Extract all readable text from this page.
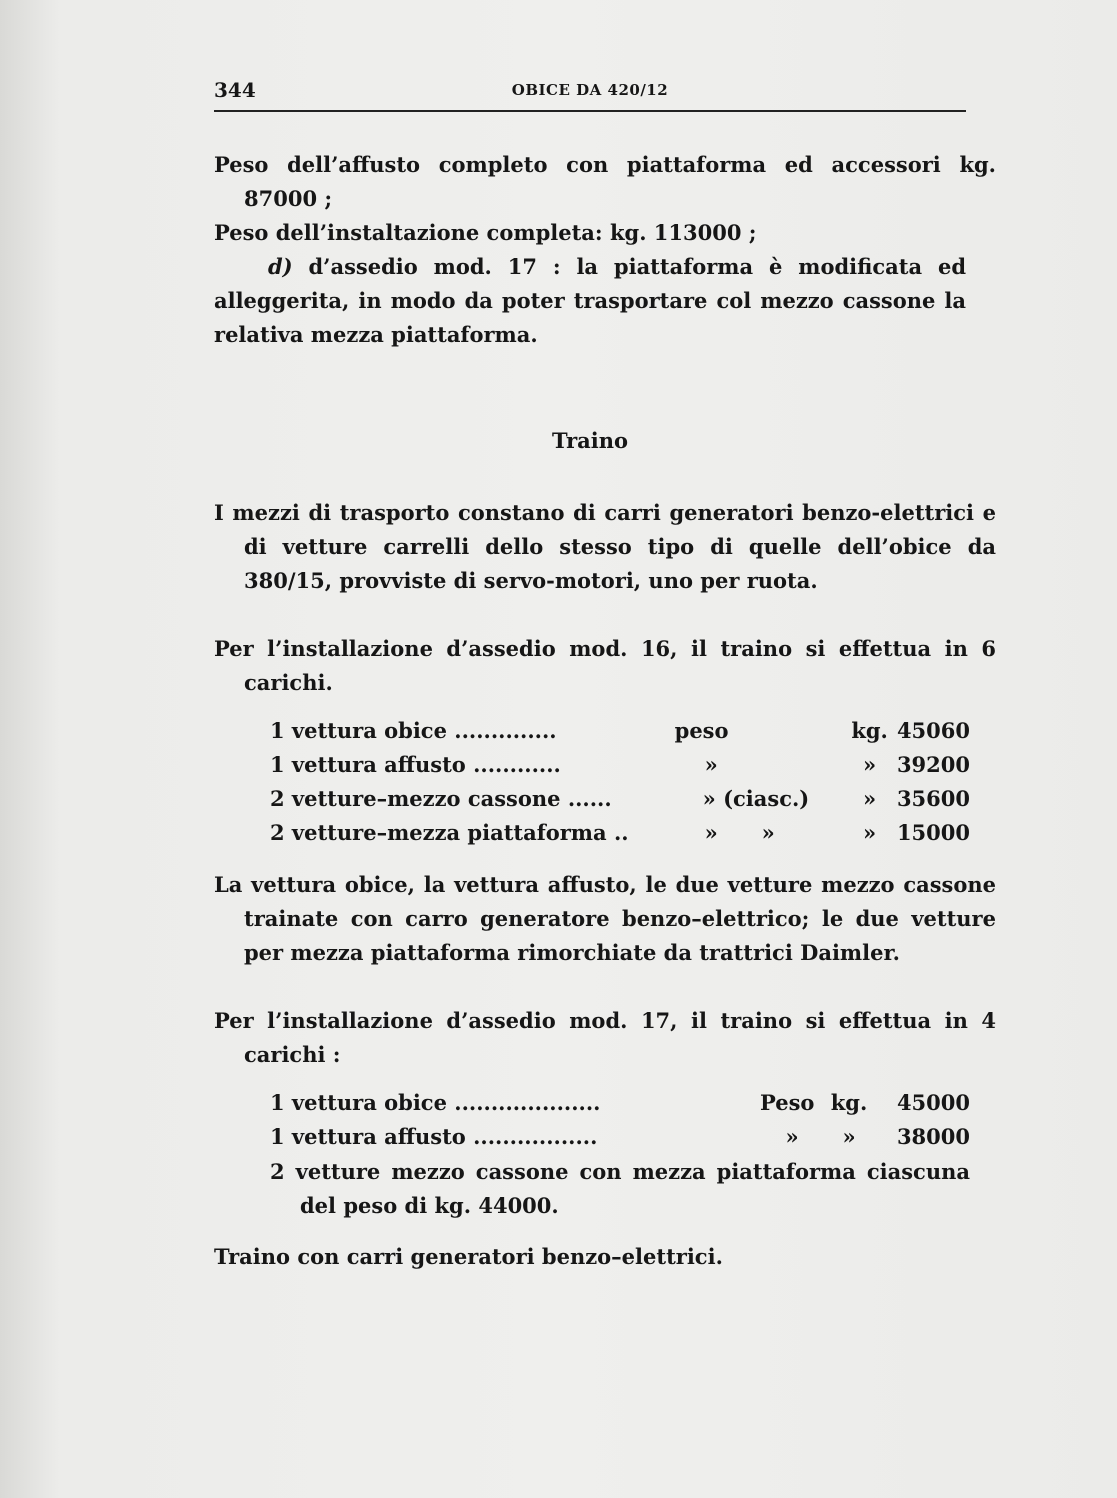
344	OBICE DA 420/12
Peso dell’affusto completo con piattaforma ed accessori kg. 87000 ;
Peso dell’instaltazione completa: kg. 113000 ;
d) d’assedio mod. 17 : la piattaforma è modificata ed alleggerita, in modo da poter trasportare col mezzo cassone la relativa mezza piattaforma.
Traino
I mezzi di trasporto constano di carri generatori benzo-elettrici e di vetture carrelli dello stesso tipo di quelle dell’obice da 380/15, provviste di servo-motori, uno per ruota.
Per l’installazione d’assedio mod. 16, il traino si effettua in 6 carichi.
1 vettura obice ..............	peso	kg.	45060
1 vettura affusto ............	»	»	39200
2 vetture–mezzo cassone ......	» (ciasc.)	»	35600
2 vetture–mezza piattaforma ..	»      »	»	15000
La vettura obice, la vettura affusto, le due vetture mezzo cassone trainate con carro generatore benzo–elettrico; le due vetture per mezza piattaforma rimorchiate da trattrici Daimler.
Per l’installazione d’assedio mod. 17, il traino si effettua in 4 carichi :
1 vettura obice ....................	Peso	kg.	45000
1 vettura affusto .................	»	»	38000
2 vetture mezzo cassone con mezza piattaforma ciascuna del peso di kg. 44000.
Traino con carri generatori benzo–elettrici.
